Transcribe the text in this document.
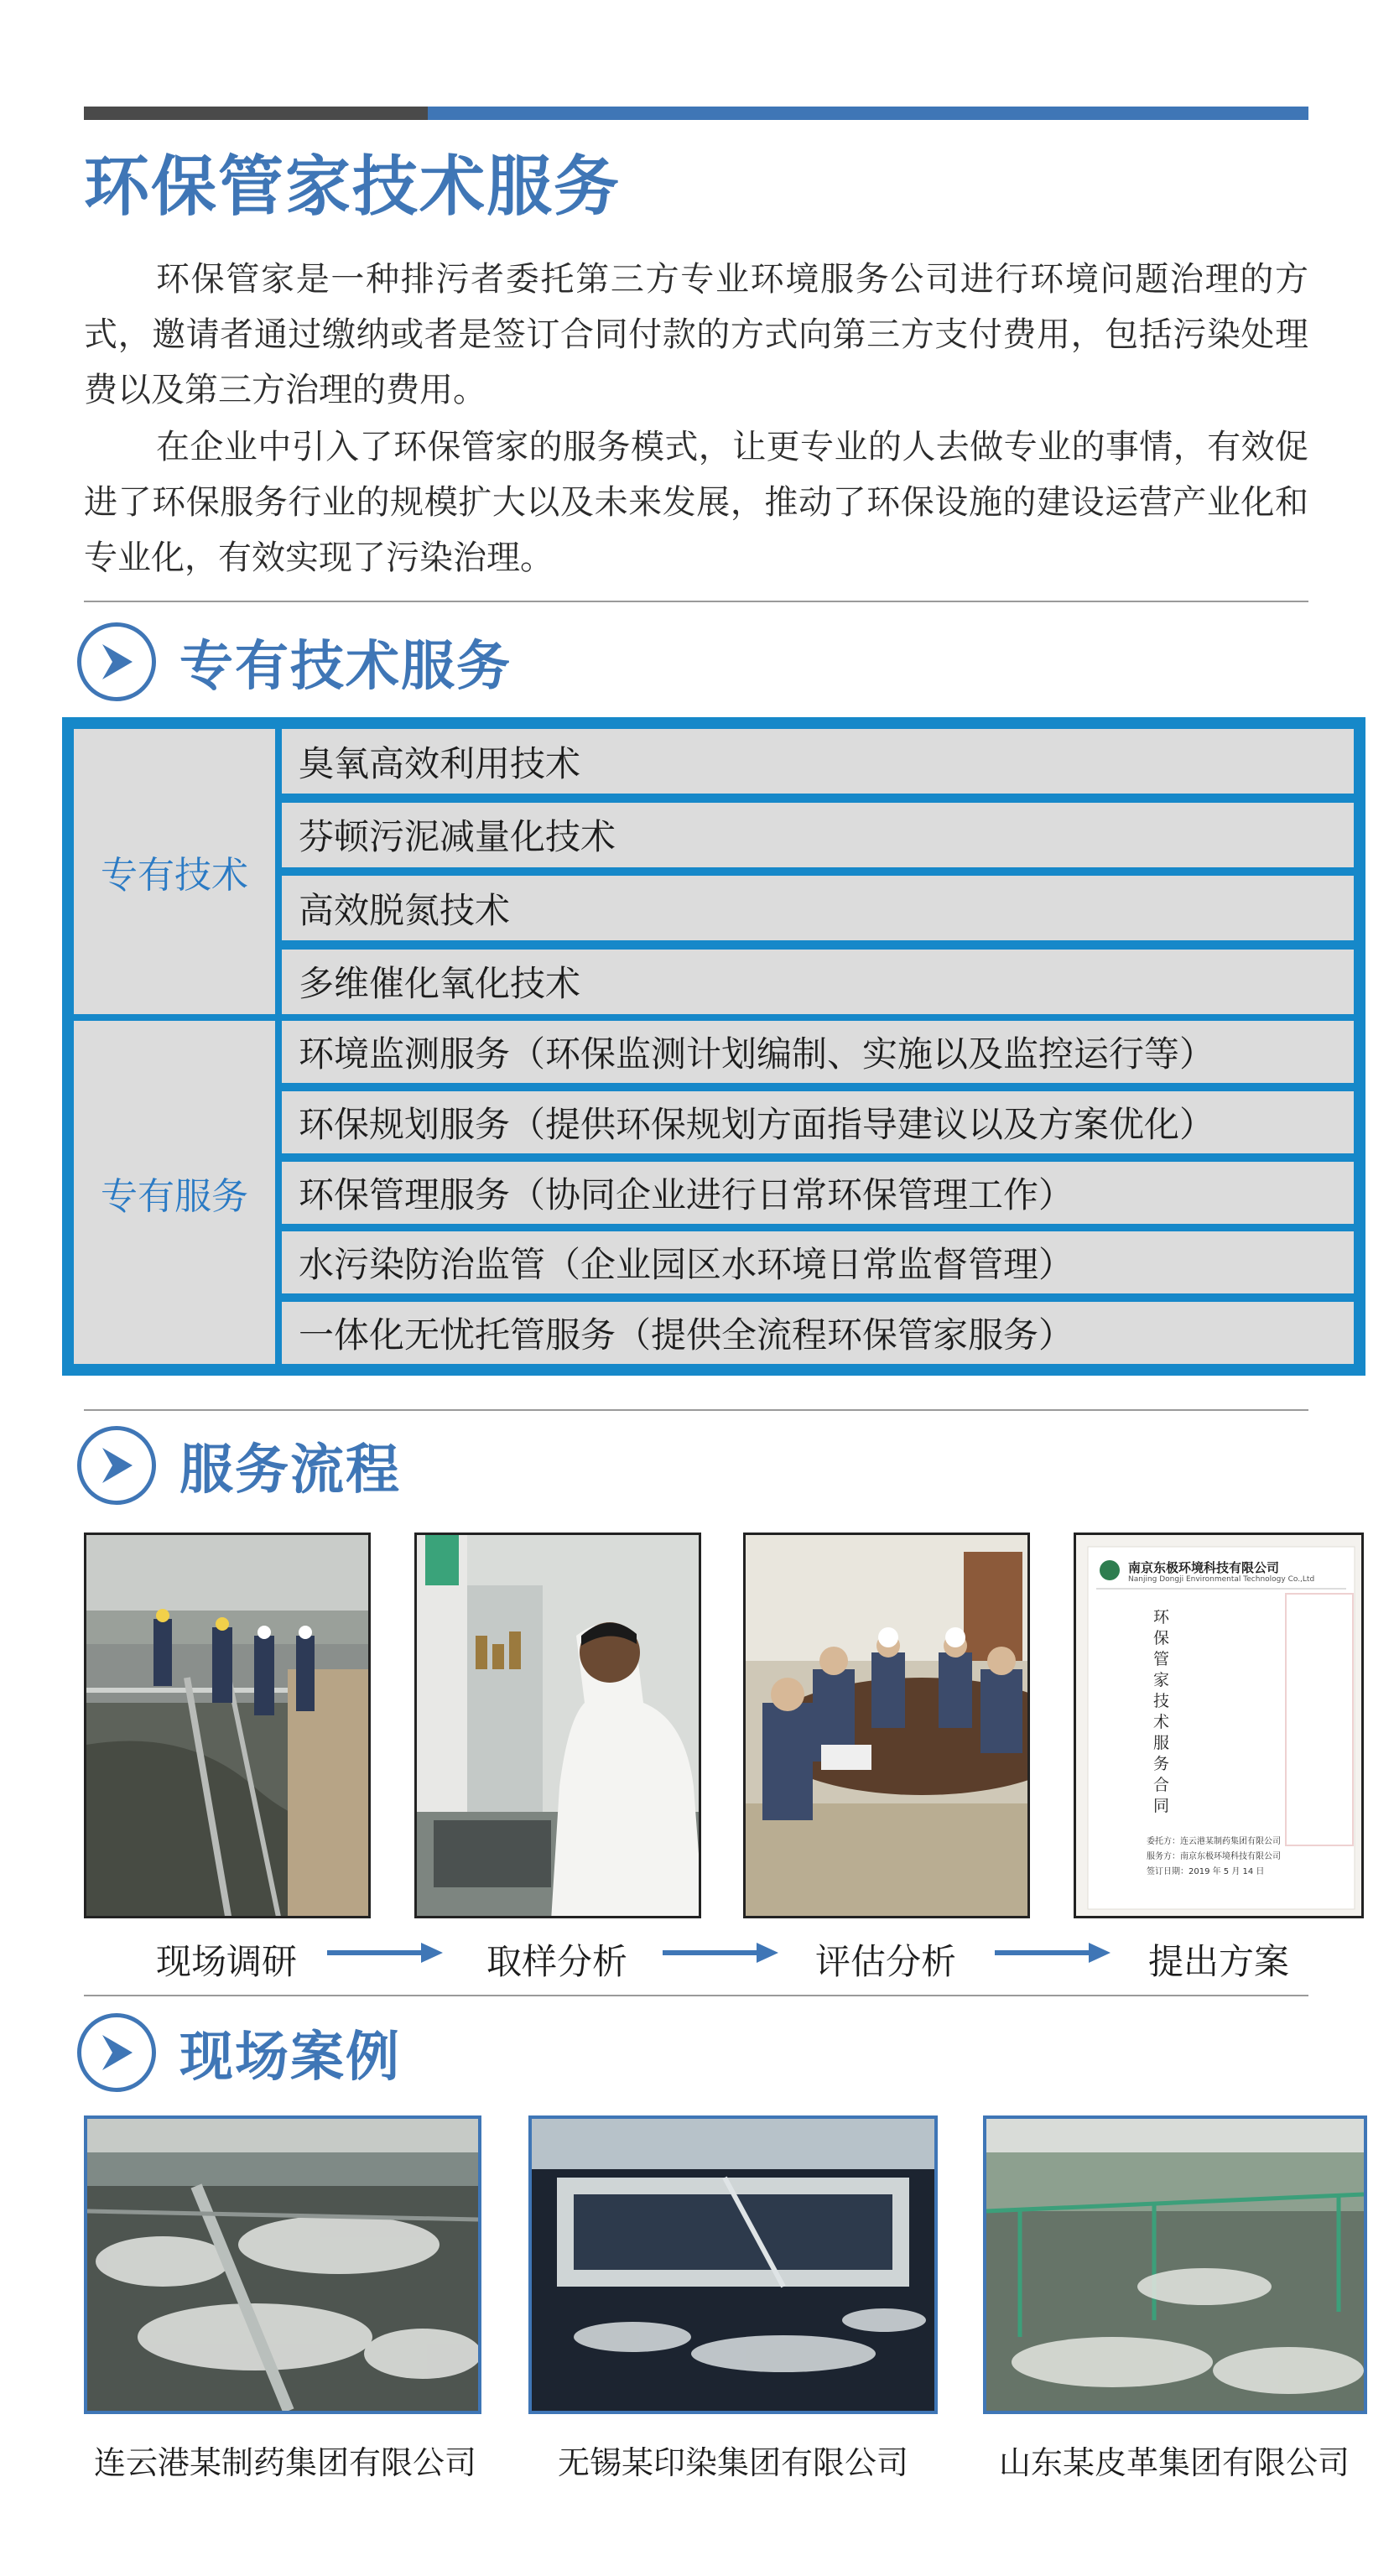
环保管家技术服务

环保管家是一种排污者委托第三方专业环境服务公司进行环境问题治理的方式，邀请者通过缴纳或者是签订合同付款的方式向第三方支付费用，包括污染处理费以及第三方治理的费用。

在企业中引入了环保管家的服务模式，让更专业的人去做专业的事情，有效促进了环保服务行业的规模扩大以及未来发展，推动了环保设施的建设运营产业化和专业化，有效实现了污染治理。

专有技术服务
专有技术
臭氧高效利用技术
芬顿污泥减量化技术
高效脱氮技术
多维催化氧化技术
专有服务
环境监测服务（环保监测计划编制、实施以及监控运行等）
环保规划服务（提供环保规划方面指导建议以及方案优化）
环保管理服务（协同企业进行日常环保管理工作）
水污染防治监管（企业园区水环境日常监督管理）
一体化无忧托管服务（提供全流程环保管家服务）
服务流程
南京东极环境科技有限公司
Nanjing Dongji Environmental Technology Co.,Ltd
环
保
管
家
技
术
服
务
合
同
委托方：连云港某制药集团有限公司
服务方：南京东极环境科技有限公司
签订日期：2019 年 5 月 14 日
现场调研	取样分析	评估分析	提出方案
现场案例
连云港某制药集团有限公司	无锡某印染集团有限公司	山东某皮革集团有限公司
